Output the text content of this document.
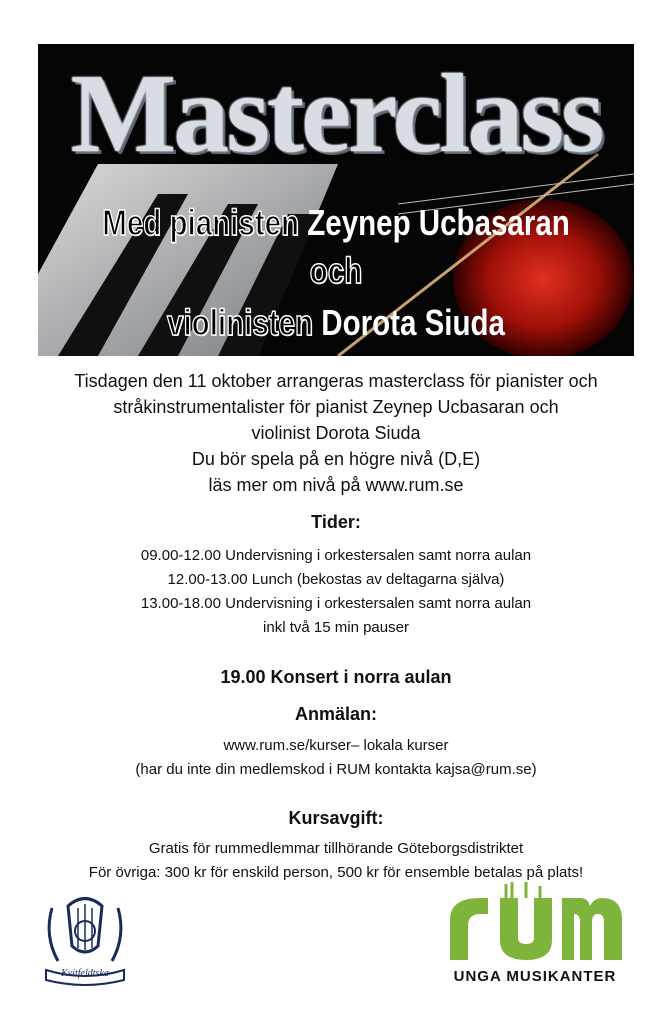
Masterclass
Med pianisten Zeynep Ucbasaran
och
violinisten Dorota Siuda
Tisdagen den 11 oktober arrangeras masterclass för pianister och
stråkinstrumentalister för pianist Zeynep Ucbasaran och
violinist Dorota Siuda
Du bör spela på en högre nivå (D,E)
läs mer om nivå på www.rum.se
Tider:
09.00-12.00 Undervisning i orkestersalen samt norra aulan
12.00-13.00 Lunch (bekostas av deltagarna själva)
13.00-18.00 Undervisning i orkestersalen samt norra aulan
inkl två 15 min pauser
19.00 Konsert i norra aulan
Anmälan:
www.rum.se/kurser– lokala kurser
(har du inte din medlemskod i RUM kontakta kajsa@rum.se)
Kursavgift:
Gratis för rummedlemmar tillhörande Göteborgsdistriktet
För övriga: 300 kr för enskild person, 500 kr för ensemble betalas på plats!
Kvitfeldtska	UNGA MUSIKANTER
